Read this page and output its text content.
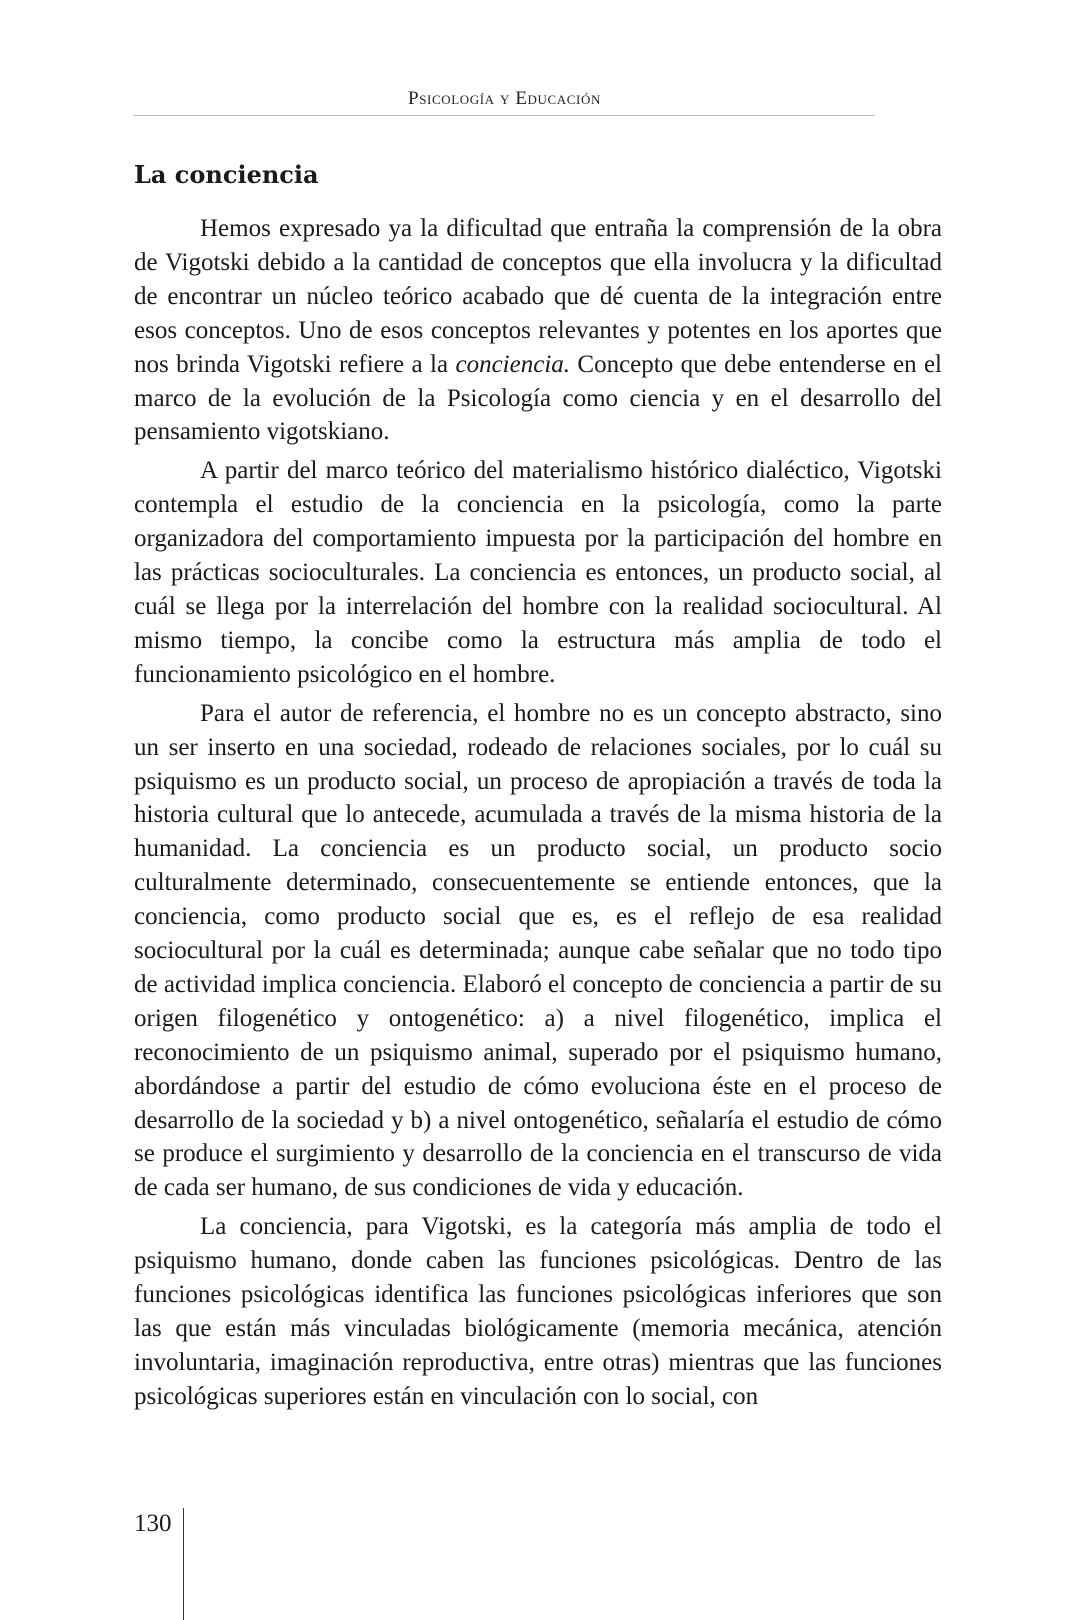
Psicología y Educación
La conciencia

Hemos expresado ya la dificultad que entraña la comprensión de la obra de Vigotski debido a la cantidad de conceptos que ella involucra y la dificultad de encontrar un núcleo teórico acabado que dé cuenta de la integración entre esos conceptos. Uno de esos conceptos relevantes y potentes en los aportes que nos brinda Vigotski refiere a la conciencia. Concepto que debe entenderse en el marco de la evolución de la Psicología como ciencia y en el desarrollo del pensamiento vigotskiano.

A partir del marco teórico del materialismo histórico dialéctico, Vigotski contempla el estudio de la conciencia en la psicología, como la parte organizadora del comportamiento impuesta por la participación del hombre en las prácticas socioculturales. La conciencia es entonces, un producto social, al cuál se llega por la interrelación del hombre con la realidad sociocultural. Al mismo tiempo, la concibe como la estructura más amplia de todo el funcionamiento psicológico en el hombre.

Para el autor de referencia, el hombre no es un concepto abstracto, sino un ser inserto en una sociedad, rodeado de relaciones sociales, por lo cuál su psiquismo es un producto social, un proceso de apropiación a través de toda la historia cultural que lo antecede, acumulada a través de la misma historia de la humanidad. La conciencia es un producto social, un producto socio culturalmente determinado, consecuentemente se entiende entonces, que la conciencia, como producto social que es, es el reflejo de esa realidad sociocultural por la cuál es determinada; aunque cabe señalar que no todo tipo de actividad implica conciencia. Elaboró el concepto de conciencia a partir de su origen filogenético y ontogenético: a) a nivel filogenético, implica el reconocimiento de un psiquismo animal, superado por el psiquismo humano, abordándose a partir del estudio de cómo evoluciona éste en el proceso de desarrollo de la sociedad y b) a nivel ontogenético, señalaría el estudio de cómo se produce el surgimiento y desarrollo de la conciencia en el transcurso de vida de cada ser humano, de sus condiciones de vida y educación.

La conciencia, para Vigotski, es la categoría más amplia de todo el psiquismo humano, donde caben las funciones psicológicas. Dentro de las funciones psicológicas identifica las funciones psicológicas inferiores que son las que están más vinculadas biológicamente (memoria mecánica, atención involuntaria, imaginación reproductiva, entre otras) mientras que las funciones psicológicas superiores están en vinculación con lo social, con

130
